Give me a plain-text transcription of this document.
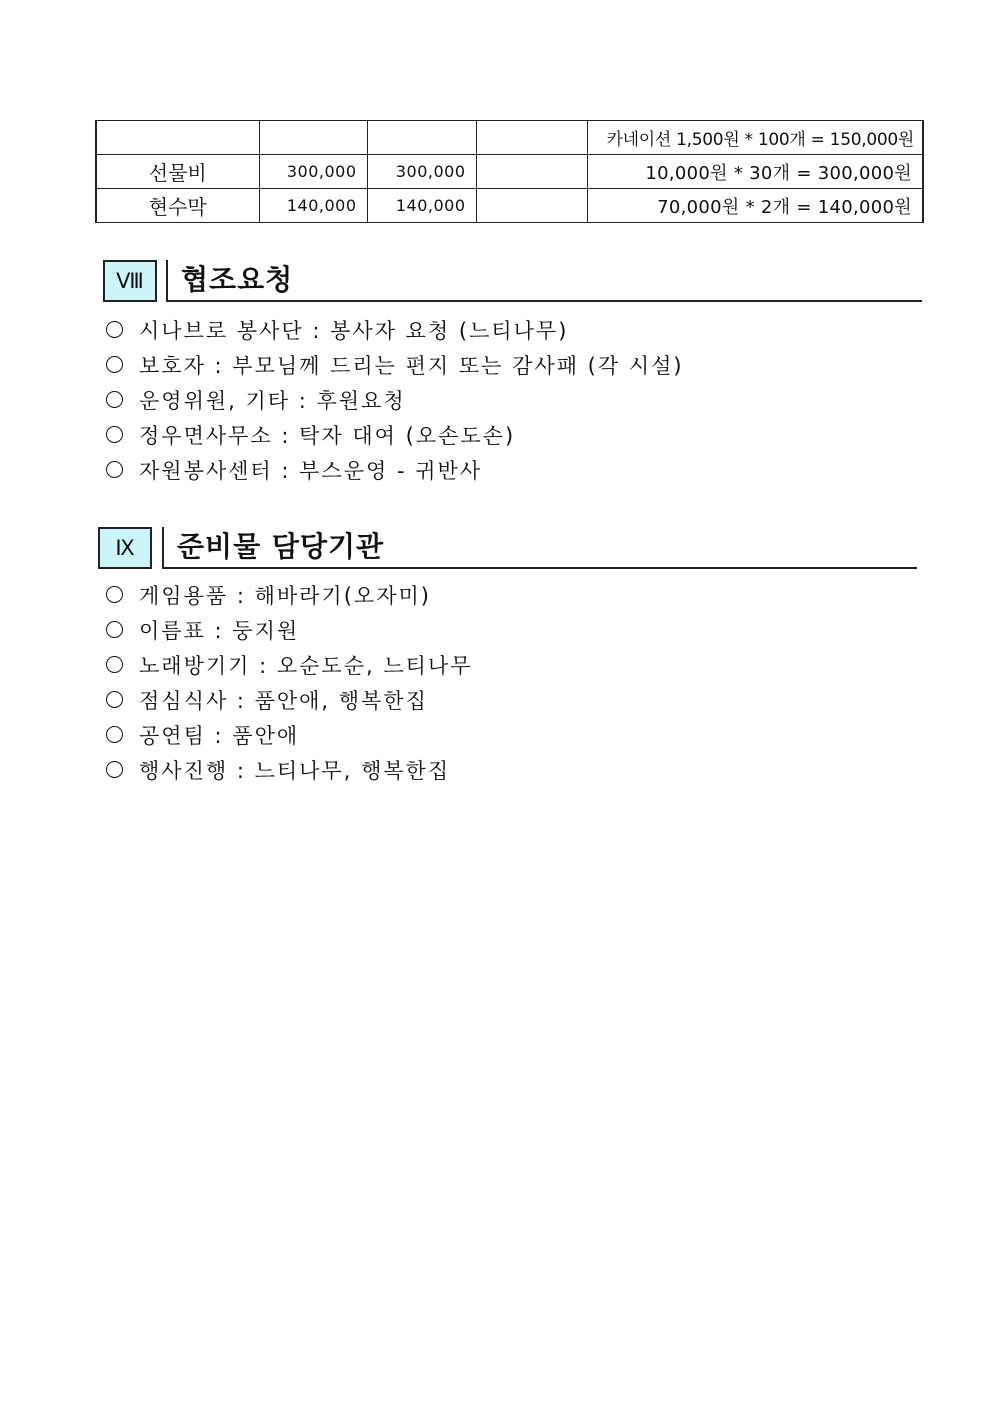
				카네이션 1,500원 * 100개 = 150,000원
선물비	300,000	300,000		10,000원 * 30개 = 300,000원
현수막	140,000	140,000		70,000원 * 2개 = 140,000원
Ⅷ	협조요청
시나브로 봉사단 : 봉사자 요청 (느티나무)
보호자 : 부모님께 드리는 편지 또는 감사패 (각 시설)
운영위원, 기타 : 후원요청
정우면사무소 : 탁자 대여 (오손도손)
자원봉사센터 : 부스운영 - 귀반사
Ⅸ	준비물 담당기관
게임용품 : 해바라기(오자미)
이름표 : 둥지원
노래방기기 : 오순도순, 느티나무
점심식사 : 품안애, 행복한집
공연팀 : 품안애
행사진행 : 느티나무, 행복한집
